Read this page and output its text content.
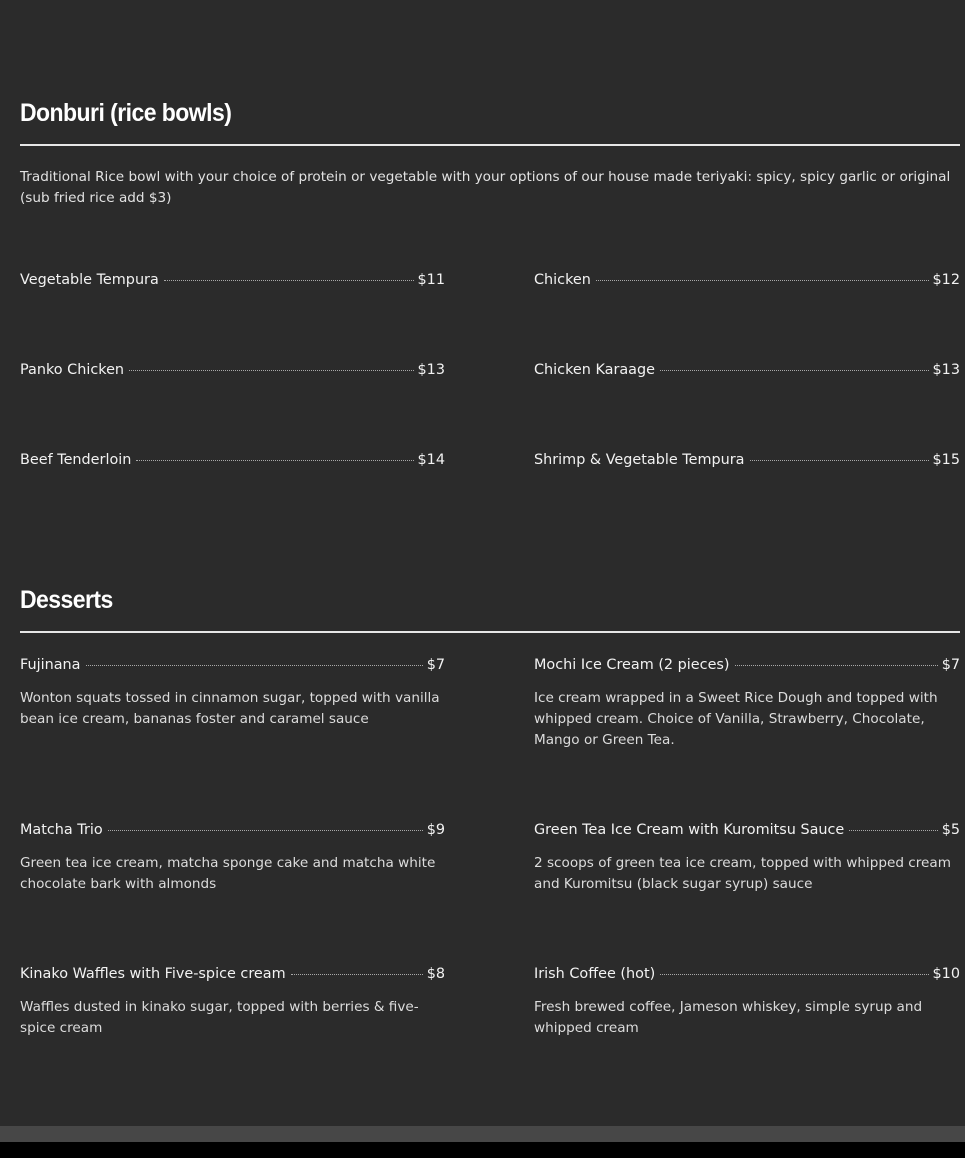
Donburi (rice bowls)

Traditional Rice bowl with your choice of protein or vegetable with your options of our house made teriyaki: spicy, spicy garlic or original (sub fried rice add $3)

Vegetable Tempura	$11	Chicken	$12
Panko Chicken	$13	Chicken Karaage	$13
Beef Tenderloin	$14	Shrimp & Vegetable Tempura	$15
Desserts
Fujinana	$7

Wonton squats tossed in cinnamon sugar, topped with vanilla bean ice cream, bananas foster and caramel sauce

Mochi Ice Cream (2 pieces)	$7

Ice cream wrapped in a Sweet Rice Dough and topped with whipped cream. Choice of Vanilla, Strawberry, Chocolate, Mango or Green Tea.

Matcha Trio	$9

Green tea ice cream, matcha sponge cake and matcha white chocolate bark with almonds

Green Tea Ice Cream with Kuromitsu Sauce	$5

2 scoops of green tea ice cream, topped with whipped cream and Kuromitsu (black sugar syrup) sauce

Kinako Waffles with Five-spice cream	$8

Waffles dusted in kinako sugar, topped with berries & five-spice cream

Irish Coffee (hot)	$10

Fresh brewed coffee, Jameson whiskey, simple syrup and whipped cream
